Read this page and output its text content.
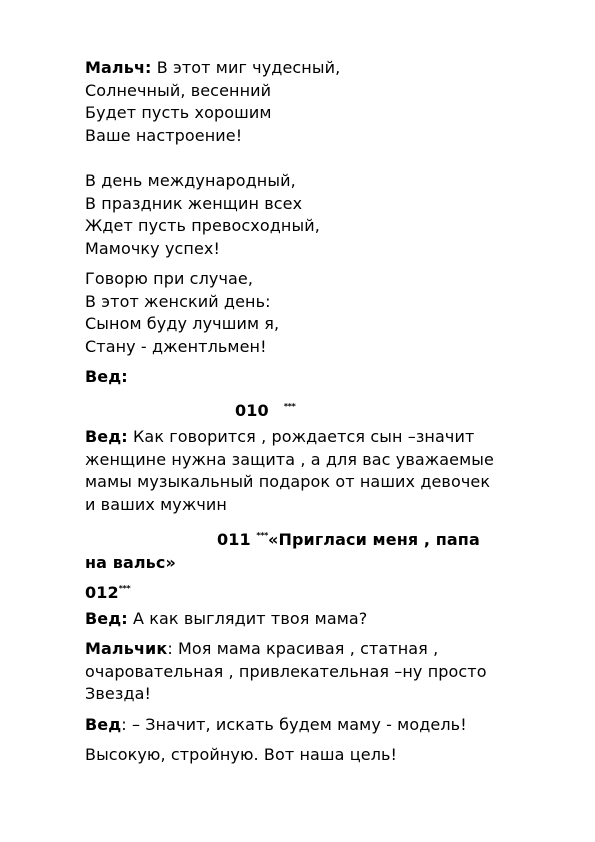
Мальч: В этот миг чудесный,
Солнечный, весенний
Будет пусть хорошим
Ваше настроение!
В день международный,
В праздник женщин всех
Ждет пусть превосходный,
Мамочку успех!
Говорю при случае,
В этот женский день:
Сыном буду лучшим я,
Стану - джентльмен!
Вед:
010 ***
Вед: Как говорится , рождается сын –значит
женщине нужна защита , а для вас уважаемые
мамы музыкальный подарок от наших девочек
и ваших мужчин
011 ***«Пригласи меня , папа
на вальс»
012***
Вед: А как выглядит твоя мама?
Мальчик: Моя мама красивая , статная ,
очаровательная , привлекательная –ну просто
Звезда!
Вед: – Значит, искать будем маму - модель!
Высокую, стройную. Вот наша цель!
